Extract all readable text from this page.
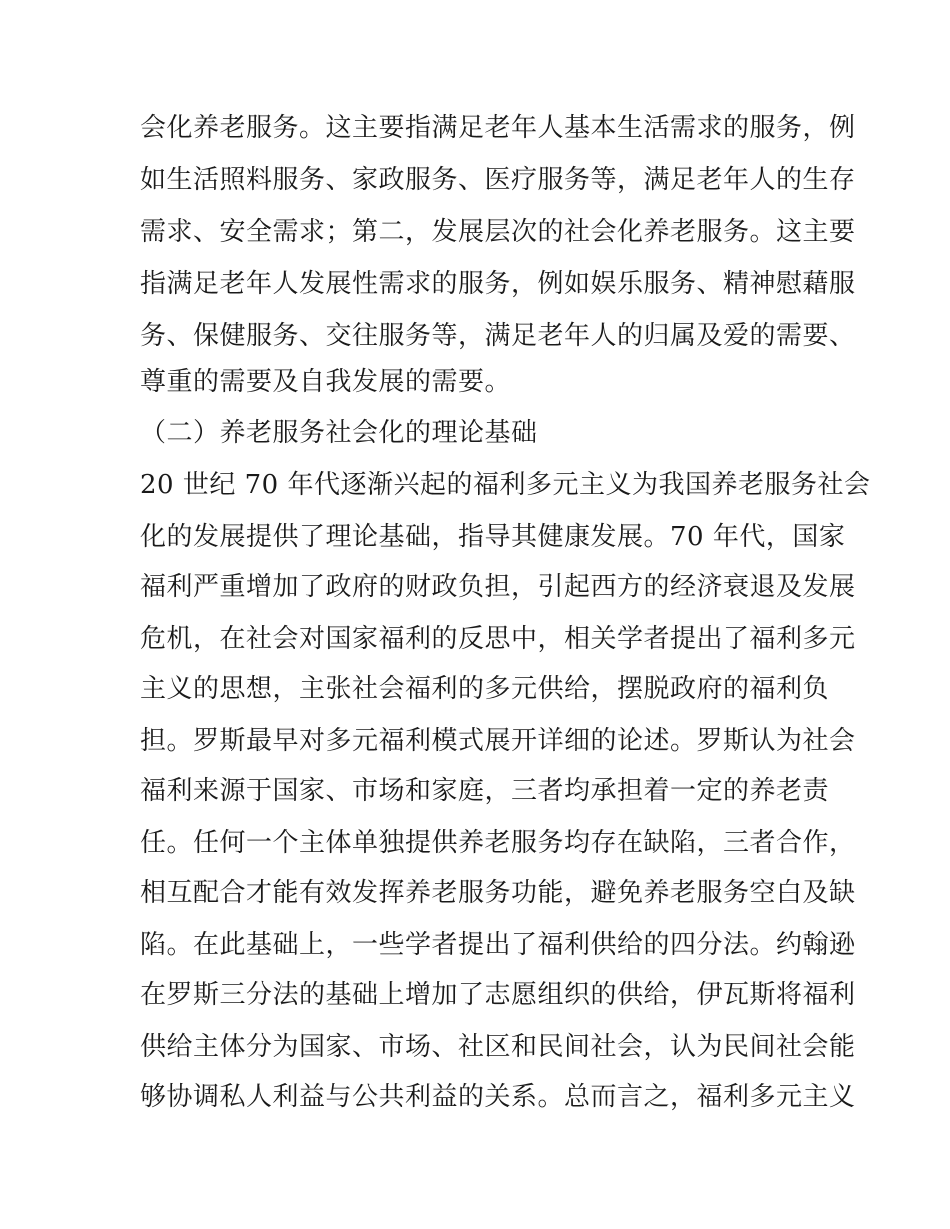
会化养老服务。这主要指满足老年人基本生活需求的服务，例
如生活照料服务、家政服务、医疗服务等，满足老年人的生存
需求、安全需求；第二，发展层次的社会化养老服务。这主要
指满足老年人发展性需求的服务，例如娱乐服务、精神慰藉服
务、保健服务、交往服务等，满足老年人的归属及爱的需要、
尊重的需要及自我发展的需要。
（二）养老服务社会化的理论基础
20 世纪 70 年代逐渐兴起的福利多元主义为我国养老服务社会
化的发展提供了理论基础，指导其健康发展。70 年代，国家
福利严重增加了政府的财政负担，引起西方的经济衰退及发展
危机，在社会对国家福利的反思中，相关学者提出了福利多元
主义的思想，主张社会福利的多元供给，摆脱政府的福利负
担。罗斯最早对多元福利模式展开详细的论述。罗斯认为社会
福利来源于国家、市场和家庭，三者均承担着一定的养老责
任。任何一个主体单独提供养老服务均存在缺陷，三者合作，
相互配合才能有效发挥养老服务功能，避免养老服务空白及缺
陷。在此基础上，一些学者提出了福利供给的四分法。约翰逊
在罗斯三分法的基础上增加了志愿组织的供给，伊瓦斯将福利
供给主体分为国家、市场、社区和民间社会，认为民间社会能
够协调私人利益与公共利益的关系。总而言之，福利多元主义
